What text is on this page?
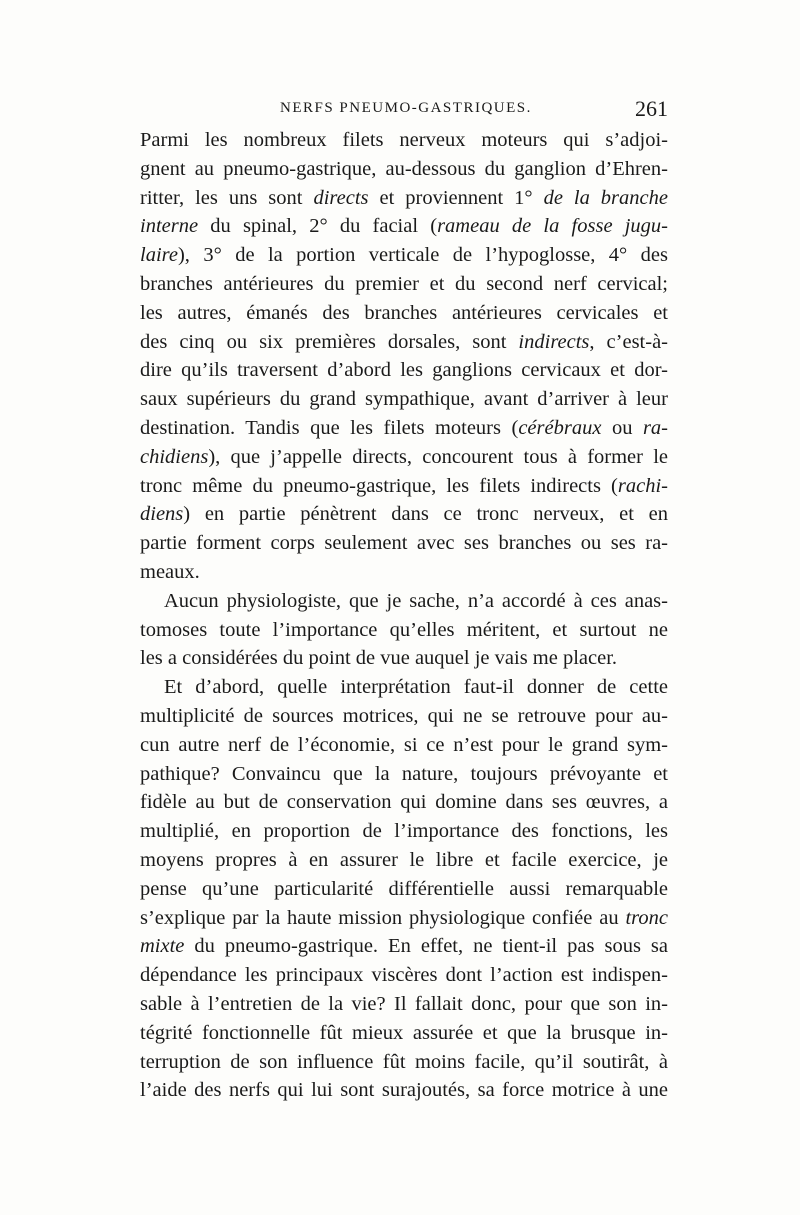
NERFS PNEUMO-GASTRIQUES.	261
Parmi les nombreux filets nerveux moteurs qui s’adjoi-
gnent au pneumo-gastrique, au-dessous du ganglion d’Ehren-
ritter, les uns sont directs et proviennent 1° de la branche
interne du spinal, 2° du facial (rameau de la fosse jugu-
laire), 3° de la portion verticale de l’hypoglosse, 4° des
branches antérieures du premier et du second nerf cervical;
les autres, émanés des branches antérieures cervicales et
des cinq ou six premières dorsales, sont indirects, c’est-à-
dire qu’ils traversent d’abord les ganglions cervicaux et dor-
saux supérieurs du grand sympathique, avant d’arriver à leur
destination. Tandis que les filets moteurs (cérébraux ou ra-
chidiens), que j’appelle directs, concourent tous à former le
tronc même du pneumo-gastrique, les filets indirects (rachi-
diens) en partie pénètrent dans ce tronc nerveux, et en
partie forment corps seulement avec ses branches ou ses ra-
meaux.
Aucun physiologiste, que je sache, n’a accordé à ces anas-
tomoses toute l’importance qu’elles méritent, et surtout ne
les a considérées du point de vue auquel je vais me placer.
Et d’abord, quelle interprétation faut-il donner de cette
multiplicité de sources motrices, qui ne se retrouve pour au-
cun autre nerf de l’économie, si ce n’est pour le grand sym-
pathique? Convaincu que la nature, toujours prévoyante et
fidèle au but de conservation qui domine dans ses œuvres, a
multiplié, en proportion de l’importance des fonctions, les
moyens propres à en assurer le libre et facile exercice, je
pense qu’une particularité différentielle aussi remarquable
s’explique par la haute mission physiologique confiée au tronc
mixte du pneumo-gastrique. En effet, ne tient-il pas sous sa
dépendance les principaux viscères dont l’action est indispen-
sable à l’entretien de la vie? Il fallait donc, pour que son in-
tégrité fonctionnelle fût mieux assurée et que la brusque in-
terruption de son influence fût moins facile, qu’il soutirât, à
l’aide des nerfs qui lui sont surajoutés, sa force motrice à une
